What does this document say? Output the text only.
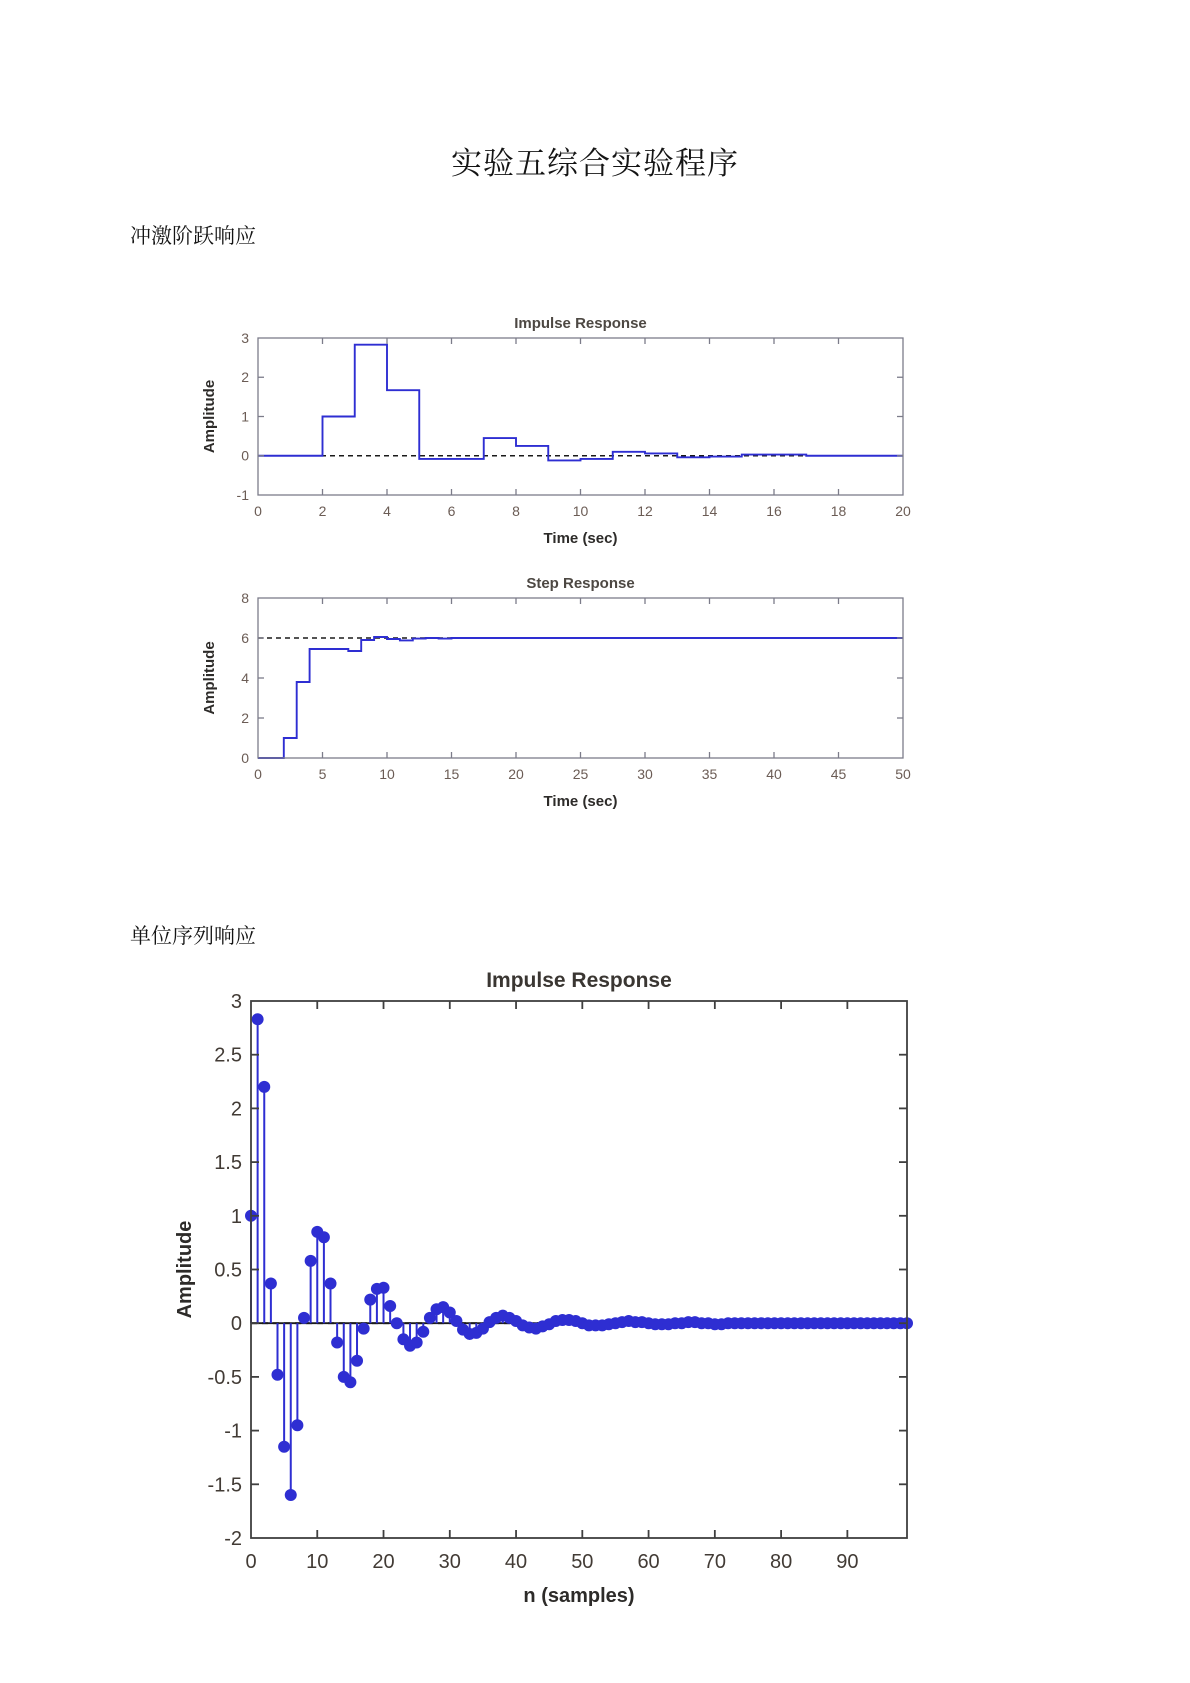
实验五综合实验程序
冲激阶跃响应
0	2	4	6	8	10	12	14	16	18	20
-1
0
1
2
3
Impulse Response
Time (sec)
Amplitude
0	5	10	15	20	25	30	35	40	45	50
0
2
4
6
8
Step Response
Time (sec)
Amplitude
单位序列响应
0 10 20 30 40 50 60 70 80 90
-2
-1.5
-1
-0.5
0
0.5
1
1.5
2
2.5
3
Impulse Response
n (samples)
Amplitude
